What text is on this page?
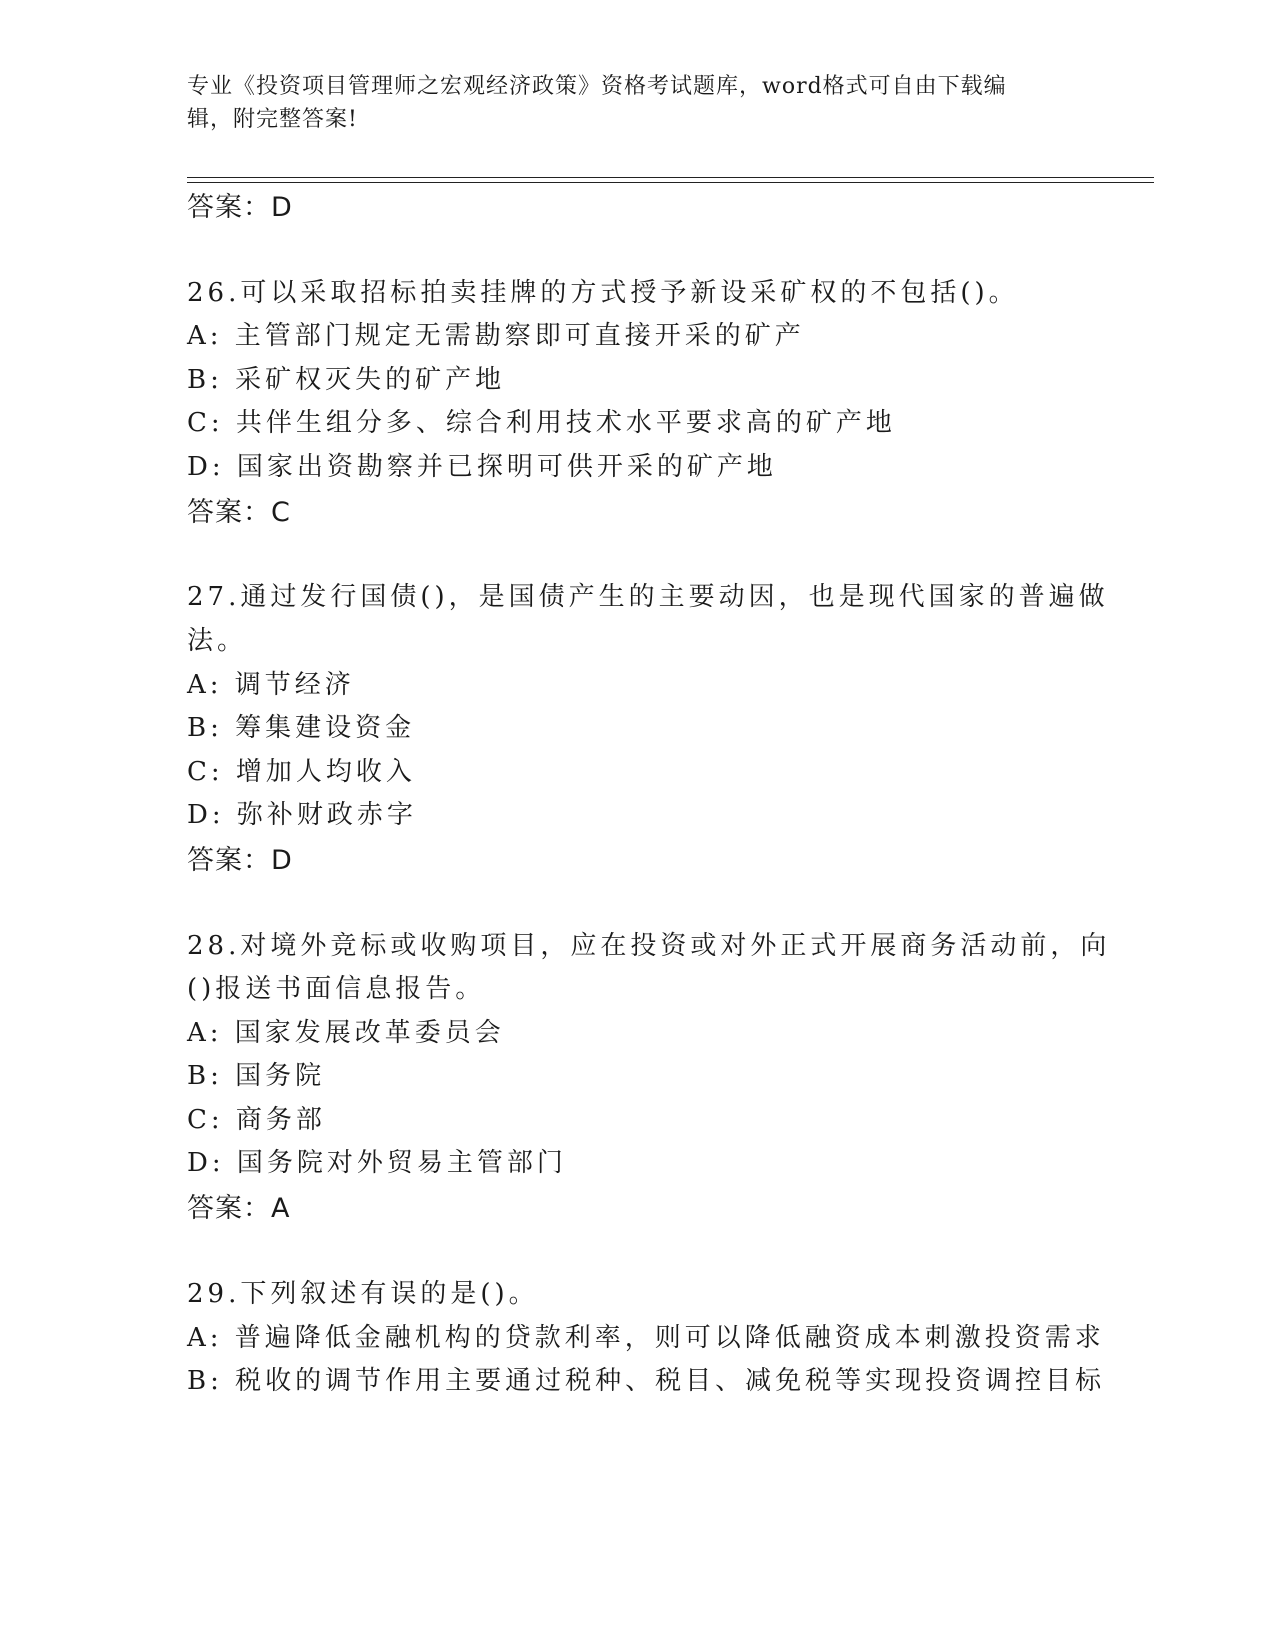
专业《投资项目管理师之宏观经济政策》资格考试题库，word格式可自由下载编
辑，附完整答案!
答案：D
26.可以采取招标拍卖挂牌的方式授予新设采矿权的不包括()。
A: 主管部门规定无需勘察即可直接开采的矿产
B: 采矿权灭失的矿产地
C: 共伴生组分多、综合利用技术水平要求高的矿产地
D: 国家出资勘察并已探明可供开采的矿产地
答案：C
27.通过发行国债()，是国债产生的主要动因，也是现代国家的普遍做
法。
A: 调节经济
B: 筹集建设资金
C: 增加人均收入
D: 弥补财政赤字
答案：D
28.对境外竞标或收购项目，应在投资或对外正式开展商务活动前，向
()报送书面信息报告。
A: 国家发展改革委员会
B: 国务院
C: 商务部
D: 国务院对外贸易主管部门
答案：A
29.下列叙述有误的是()。
A: 普遍降低金融机构的贷款利率，则可以降低融资成本刺激投资需求
B: 税收的调节作用主要通过税种、税目、减免税等实现投资调控目标
